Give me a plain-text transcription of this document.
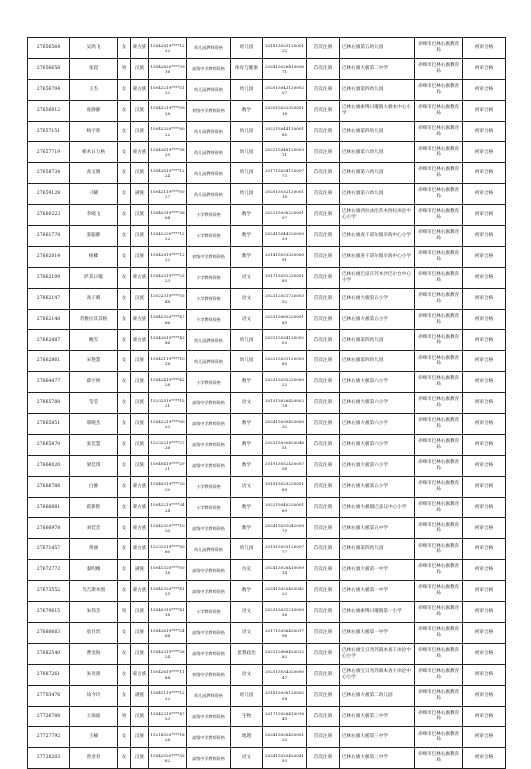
27656564	吴鸿飞	女	蒙古族	15042819****1222	幼儿园教师资格	幼儿园	20181503312000122	首次注册	巴林右旗第五幼儿园	赤峰市巴林右旗教育局	初审合格
27656658	张超	男	汉族	15042820****3916	高级中学教师资格	体育与健康	20241502641000671	首次注册	巴林右旗大板第二中学	赤峰市巴林右旗教育局	初审合格
27656704	王杰	女	蒙古族	15042219****5122	幼儿园教师资格	幼儿园	20201504312000207	首次注册	巴林右旗第四幼儿园	赤峰市巴林右旗教育局	初审合格
27656912	庞静静	女	汉族	15042219****0928	初级中学教师资格	数学	20201503232000118	首次注册	巴林右旗索博日嘎镇大板本中心小学	赤峰市巴林右旗教育局	初审合格
27657151	杨宇欣	女	汉族	15042320****0022	幼儿园教师资格	幼儿园	20221504412000185	首次注册	巴林右旗第四幼儿园	赤峰市巴林右旗教育局	初审合格
27657719	朝木日力格	女	蒙古族	15042619****3829	幼儿园教师资格	幼儿园	20211504812000311	首次注册	巴林右旗第六幼儿园	赤峰市巴林右旗教育局	初审合格
27658734	高文婧	女	汉族	15042819****1224	幼儿园教师资格	幼儿园	20171503412000773	首次注册	巴林右旗第六幼儿园	赤峰市巴林右旗教育局	初审合格
27659128	刁曜	女	满族	15042119****0027	幼儿园教师资格	幼儿园	20201503212000118	首次注册	巴林右旗第六幼儿园	赤峰市巴林右旗教育局	初审合格
27660223	李晓飞	女	汉族	15040319****3664	小学教师资格	数学	20221503822000107	首次注册	巴林右旗西拉沐沦苏木西拉沐沦中心小学	赤峰市巴林右旗教育局	初审合格
27661778	张聪静	女	汉族	15042220****1222	小学教师资格	数学	20241504422000033	首次注册	巴林右旗查干诺尔镇早海中心小学	赤峰市巴林右旗教育局	初审合格
27662014	杨卿	女	汉族	15042819****1222	初级中学教师资格	数学	20141503332000091	首次注册	巴林右旗查干诺尔镇早海中心小学	赤峰市巴林右旗教育局	初审合格
27662109	萨其日嘎	女	蒙古族	15042319****2323	小学教师资格	语文	20171503122000185	首次注册	巴林右旗巴彦汗苏木沙巴尔台中心小学	赤峰市巴林右旗教育局	初审合格
27662147	高子晴	女	汉族	12022319****554X	小学教师资格	语文	20231202172000352	首次注册	巴林右旗大板第五小学	赤峰市巴林右旗教育局	初审合格
27662148	苏雅拉其其格	女	蒙古族	15042320****4766	小学教师资格	语文	20231506022000185	首次注册	巴林右旗大板第五小学	赤峰市巴林右旗教育局	初审合格
27662487	鲍雪	女	蒙古族	15042619****4386	幼儿园教师资格	幼儿园	20211503412000203	首次注册	巴林右旗第四幼儿园	赤峰市巴林右旗教育局	初审合格
27662861	宋艳慧	女	汉族	15042119****102X	幼儿园教师资格	幼儿园	20221503112000585	首次注册	巴林右旗第四幼儿园	赤峰市巴林右旗教育局	初审合格
27664477	薛宇娇	女	汉族	15042419****4228	小学教师资格	数学	20231503522000022	首次注册	巴林右旗大板第六小学	赤峰市巴林右旗教育局	初审合格
27665788	莹莹	女	汉族	15232519****1521	高级中学教师资格	语文	20151502642000274	首次注册	巴林右旗大板第六小学	赤峰市巴林右旗教育局	初审合格
27665851	邢晓杰	女	汉族	15042219****0023	高级中学教师资格	数学	20241503042000032	首次注册	巴林右旗大板第六小学	赤峰市巴林右旗教育局	初审合格
27665870	张佳慧	女	汉族	15232219****2726	高级中学教师资格	数学	20231503042004651	首次注册	巴林右旗大板第六小学	赤峰市巴林右旗教育局	初审合格
27666020	梁佳琪	女	汉族	15040419****2921	高级中学教师资格	数学	20191505242000756	首次注册	巴林右旗大板第六小学	赤峰市巴林右旗教育局	初审合格
27666788	白静	女	蒙古族	15040319****2020	小学教师资格	语文	20191502922000189	首次注册	巴林右旗大板第五小学	赤峰市巴林右旗教育局	初审合格
27666881	霍新艳	女	蒙古族	15042219****3424	小学教师资格	数学	20221504022000189	首次注册	巴林右旗大板镇巴彦汉中心小学	赤峰市巴林右旗教育局	初审合格
27666978	刘佳音	女	蒙古族	15042320****1020	高级中学教师资格	数学	20241503104200975	首次注册	巴林右旗大板第五中学	赤峰市巴林右旗教育局	初审合格
27671457	黄丽	女	蒙古族	15232519****5060	幼儿园教师资格	幼儿园	20191505312000777	首次注册	巴林右旗第四幼儿园	赤峰市巴林右旗教育局	初审合格
27672772	秦明娜	女	满族	15041320****0018	高级中学教师资格	历史	20241502641000914	首次注册	巴林右旗大板第一中学	赤峰市巴林右旗教育局	初审合格
27673552	乌吉斯木图	女	蒙古族	15042320****4125	高级中学教师资格	数学	20241502042004223	首次注册	巴林右旗大板第一中学	赤峰市巴林右旗教育局	初审合格
27679615	朱伟杰	男	汉族	15040319****4118	小学教师资格	语文	20231503121000056	首次注册	巴林右旗索博日嘎镇第一小学	赤峰市巴林右旗教育局	初审合格
27680663	詹目贵	女	汉族	15042619****2464	高级中学教师资格	语文	20171503642001796	首次注册	巴林右旗大板第一中学	赤峰市巴林右旗教育局	初审合格
27682540	曹龙海	女	汉族	15042319****2624	高级中学教师资格	思想政治	20211506842002282	首次注册	巴林右旗宝日勿苏镇本查干沐沦中心小学	赤峰市巴林右旗教育局	初审合格
27687261	朱亚蕾	女	蒙古族	15042619****1184	初级中学教师资格	语文	20211503432000047	首次注册	巴林右旗宝日勿苏镇本查干沐沦中心小学	赤峰市巴林右旗教育局	初审合格
27703476	徐今玲	女	满族	15041119****1222	幼儿园教师资格	幼儿园	20181503812000258	首次注册	巴林右旗大板第二幼儿园	赤峰市巴林右旗教育局	初审合格
27726788	王海波	男	汉族	15042319****4753	高级中学教师资格	生物	20171502641001649	首次注册	巴林右旗大板第三中学	赤峰市巴林右旗教育局	初审合格
27727792	王楠	女	汉族	15218520****1826	高级中学教师资格	地理	20241502642000133	首次注册	巴林右旗大板第三中学	赤峰市巴林右旗教育局	初审合格
27728203	曾亚君	女	汉族	15042520****3562	高级中学教师资格	语文	20241502042004193	首次注册	巴林右旗大板第三中学	赤峰市巴林右旗教育局	初审合格
